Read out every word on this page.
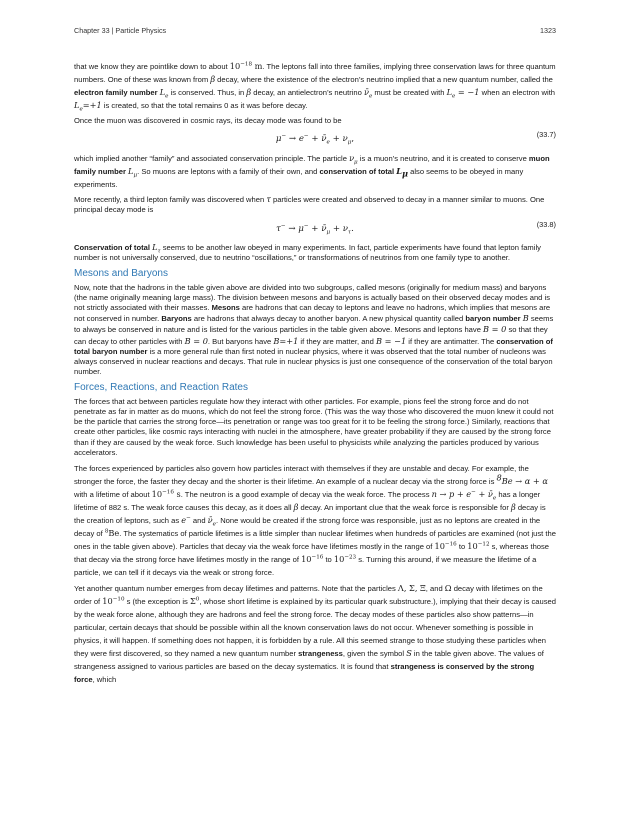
Chapter 33 | Particle Physics	1323

that we know they are pointlike down to about $10^{-18}$ m. The leptons fall into three families, implying three conservation laws for three quantum numbers. One of these was known from β decay, where the existence of the electron’s neutrino implied that a new quantum number, called the electron family number $L_e$ is conserved. Thus, in β decay, an antielectron’s neutrino $\nū_e$ must be created with $L_e = -1$ when an electron with $L_e=+1$ is created, so that the total remains 0 as it was before decay.

Once the muon was discovered in cosmic rays, its decay mode was found to be

$\mu^- \to e^- + \nū_e + \nu_\mu$,	(33.7)

which implied another “family” and associated conservation principle. The particle $\nu_\mu$ is a muon’s neutrino, and it is created to conserve muon family number $L_\mu$. So muons are leptons with a family of their own, and conservation of total $L_\mu$ also seems to be obeyed in many experiments.

More recently, a third lepton family was discovered when τ particles were created and observed to decay in a manner similar to muons. One principal decay mode is

$\tau^- \to \mu^- + \nū_\mu + \nu_\tau$.	(33.8)

Conservation of total $L_\tau$ seems to be another law obeyed in many experiments. In fact, particle experiments have found that lepton family number is not universally conserved, due to neutrino “oscillations,” or transformations of neutrinos from one family type to another.

Mesons and Baryons

Now, note that the hadrons in the table given above are divided into two subgroups, called mesons (originally for medium mass) and baryons (the name originally meaning large mass). The division between mesons and baryons is actually based on their observed decay modes and is not strictly associated with their masses. Mesons are hadrons that can decay to leptons and leave no hadrons, which implies that mesons are not conserved in number. Baryons are hadrons that always decay to another baryon. A new physical quantity called baryon number B seems to always be conserved in nature and is listed for the various particles in the table given above. Mesons and leptons have B = 0 so that they can decay to other particles with B = 0. But baryons have B=+1 if they are matter, and B = −1 if they are antimatter. The conservation of total baryon number is a more general rule than first noted in nuclear physics, where it was observed that the total number of nucleons was always conserved in nuclear reactions and decays. That rule in nuclear physics is just one consequence of the conservation of the total baryon number.

Forces, Reactions, and Reaction Rates

The forces that act between particles regulate how they interact with other particles. For example, pions feel the strong force and do not penetrate as far in matter as do muons, which do not feel the strong force. (This was the way those who discovered the muon knew it could not be the particle that carries the strong force—its penetration or range was too great for it to be feeling the strong force.) Similarly, reactions that create other particles, like cosmic rays interacting with nuclei in the atmosphere, have greater probability if they are caused by the strong force than if they are caused by the weak force. Such knowledge has been useful to physicists while analyzing the particles produced by various accelerators.

The forces experienced by particles also govern how particles interact with themselves if they are unstable and decay. For example, the stronger the force, the faster they decay and the shorter is their lifetime. An example of a nuclear decay via the strong force is $^8$Be → α + α with a lifetime of about $10^{-16}$ s. The neutron is a good example of decay via the weak force. The process $n \to p + e^- + \nū_e$ has a longer lifetime of 882 s. The weak force causes this decay, as it does all β decay. An important clue that the weak force is responsible for β decay is the creation of leptons, such as e− and $\nū_e$. None would be created if the strong force was responsible, just as no leptons are created in the decay of $^8$Be. The systematics of particle lifetimes is a little simpler than nuclear lifetimes when hundreds of particles are examined (not just the ones in the table given above). Particles that decay via the weak force have lifetimes mostly in the range of $10^{-16}$ to $10^{-12}$ s, whereas those that decay via the strong force have lifetimes mostly in the range of $10^{-16}$ to $10^{-23}$ s. Turning this around, if we measure the lifetime of a particle, we can tell if it decays via the weak or strong force.

Yet another quantum number emerges from decay lifetimes and patterns. Note that the particles Λ, Σ, Ξ, and Ω decay with lifetimes on the order of $10^{-10}$ s (the exception is $\Sigma^0$, whose short lifetime is explained by its particular quark substructure.), implying that their decay is caused by the weak force alone, although they are hadrons and feel the strong force. The decay modes of these particles also show patterns—in particular, certain decays that should be possible within all the known conservation laws do not occur. Whenever something is possible in physics, it will happen. If something does not happen, it is forbidden by a rule. All this seemed strange to those studying these particles when they were first discovered, so they named a new quantum number strangeness, given the symbol S in the table given above. The values of strangeness assigned to various particles are based on the decay systematics. It is found that strangeness is conserved by the strong force, which
